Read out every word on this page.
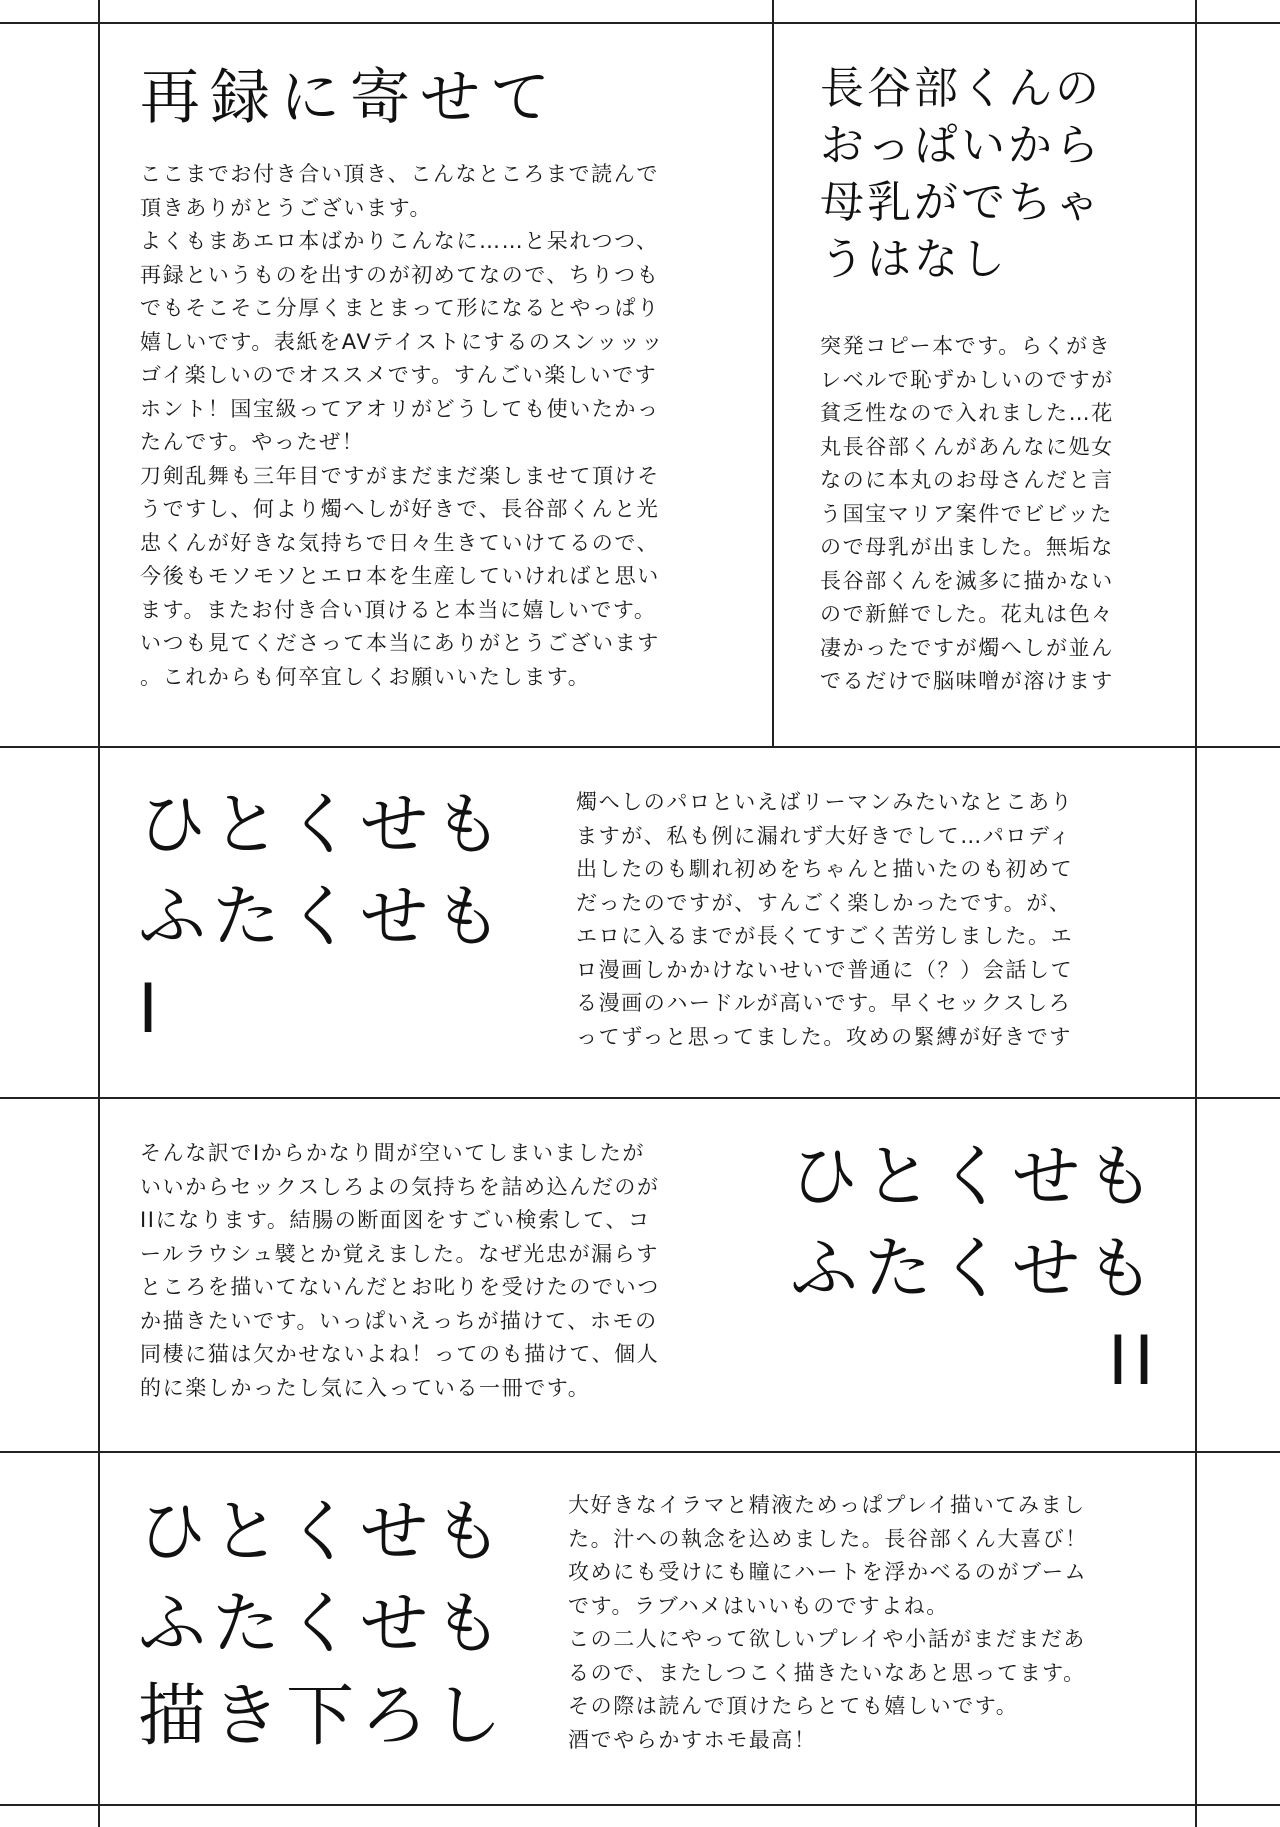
再録に寄せて

ここまでお付き合い頂き、こんなところまで読んで
頂きありがとうございます。
よくもまあエロ本ばかりこんなに……と呆れつつ、
再録というものを出すのが初めてなので、ちりつも
でもそこそこ分厚くまとまって形になるとやっぱり
嬉しいです。表紙をAVテイストにするのスンッッッ
ゴイ楽しいのでオススメです。すんごい楽しいです
ホント！国宝級ってアオリがどうしても使いたかっ
たんです。やったぜ！
刀剣乱舞も三年目ですがまだまだ楽しませて頂けそ
うですし、何より燭へしが好きで、長谷部くんと光
忠くんが好きな気持ちで日々生きていけてるので、
今後もモソモソとエロ本を生産していければと思い
ます。またお付き合い頂けると本当に嬉しいです。
いつも見てくださって本当にありがとうございます
。これからも何卒宜しくお願いいたします。

長谷部くんの
おっぱいから
母乳がでちゃ
うはなし

突発コピー本です。らくがき
レベルで恥ずかしいのですが
貧乏性なので入れました…花
丸長谷部くんがあんなに処女
なのに本丸のお母さんだと言
う国宝マリア案件でビビッた
ので母乳が出ました。無垢な
長谷部くんを滅多に描かない
ので新鮮でした。花丸は色々
凄かったですが燭へしが並ん
でるだけで脳味噌が溶けます

ひとくせも
ふたくせも
I

燭へしのパロといえばリーマンみたいなとこあり
ますが、私も例に漏れず大好きでして…パロディ
出したのも馴れ初めをちゃんと描いたのも初めて
だったのですが、すんごく楽しかったです。が、
エロに入るまでが長くてすごく苦労しました。エ
ロ漫画しかかけないせいで普通に（？）会話して
る漫画のハードルが高いです。早くセックスしろ
ってずっと思ってました。攻めの緊縛が好きです

そんな訳でIからかなり間が空いてしまいましたが
いいからセックスしろよの気持ちを詰め込んだのが
IIになります。結腸の断面図をすごい検索して、コ
ールラウシュ襞とか覚えました。なぜ光忠が漏らす
ところを描いてないんだとお叱りを受けたのでいつ
か描きたいです。いっぱいえっちが描けて、ホモの
同棲に猫は欠かせないよね！ってのも描けて、個人
的に楽しかったし気に入っている一冊です。

ひとくせも
ふたくせも
II
ひとくせも
ふたくせも
描き下ろし

大好きなイラマと精液ためっぱプレイ描いてみまし
た。汁への執念を込めました。長谷部くん大喜び！
攻めにも受けにも瞳にハートを浮かべるのがブーム
です。ラブハメはいいものですよね。
この二人にやって欲しいプレイや小話がまだまだあ
るので、またしつこく描きたいなあと思ってます。
その際は読んで頂けたらとても嬉しいです。
酒でやらかすホモ最高！
